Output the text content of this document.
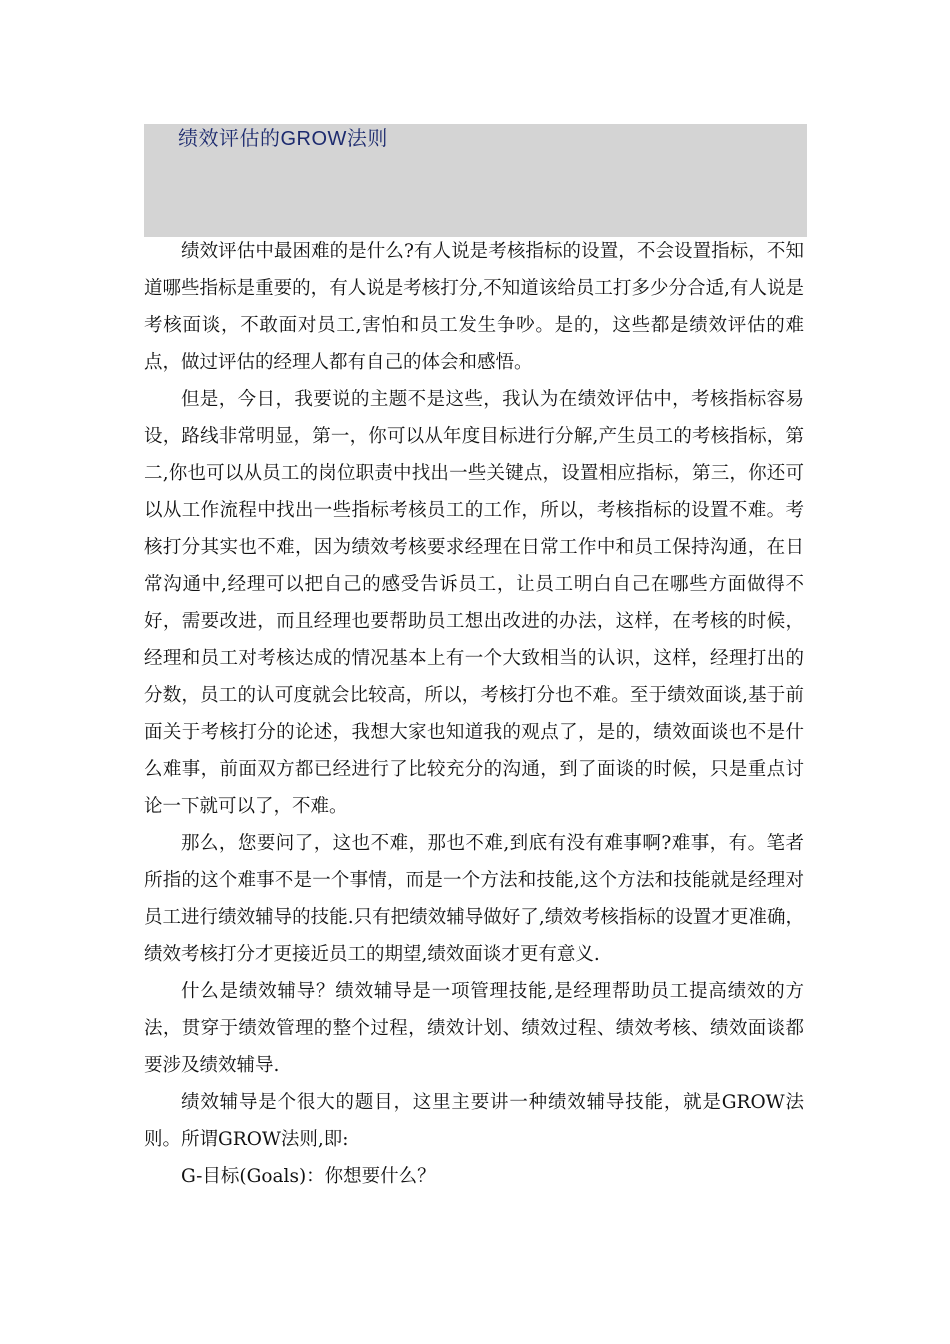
绩效评估的GROW法则

绩效评估中最困难的是什么?有人说是考核指标的设置，不会设置指标，不知道哪些指标是重要的，有人说是考核打分,不知道该给员工打多少分合适,有人说是考核面谈，不敢面对员工,害怕和员工发生争吵。是的，这些都是绩效评估的难点，做过评估的经理人都有自己的体会和感悟。

但是，今日，我要说的主题不是这些，我认为在绩效评估中，考核指标容易设，路线非常明显，第一，你可以从年度目标进行分解,产生员工的考核指标，第二,你也可以从员工的岗位职责中找出一些关键点，设置相应指标，第三，你还可以从工作流程中找出一些指标考核员工的工作，所以，考核指标的设置不难。考核打分其实也不难，因为绩效考核要求经理在日常工作中和员工保持沟通，在日常沟通中,经理可以把自己的感受告诉员工，让员工明白自己在哪些方面做得不好，需要改进，而且经理也要帮助员工想出改进的办法，这样，在考核的时候，经理和员工对考核达成的情况基本上有一个大致相当的认识，这样，经理打出的分数，员工的认可度就会比较高，所以，考核打分也不难。至于绩效面谈,基于前面关于考核打分的论述，我想大家也知道我的观点了，是的，绩效面谈也不是什么难事，前面双方都已经进行了比较充分的沟通，到了面谈的时候，只是重点讨论一下就可以了，不难。

那么，您要问了，这也不难，那也不难,到底有没有难事啊?难事，有。笔者所指的这个难事不是一个事情，而是一个方法和技能,这个方法和技能就是经理对员工进行绩效辅导的技能.只有把绩效辅导做好了,绩效考核指标的设置才更准确，绩效考核打分才更接近员工的期望,绩效面谈才更有意义.

什么是绩效辅导？绩效辅导是一项管理技能,是经理帮助员工提高绩效的方法，贯穿于绩效管理的整个过程，绩效计划、绩效过程、绩效考核、绩效面谈都要涉及绩效辅导.

绩效辅导是个很大的题目，这里主要讲一种绩效辅导技能，就是GROW法则。所谓GROW法则,即:

G-目标(Goals)：你想要什么？
